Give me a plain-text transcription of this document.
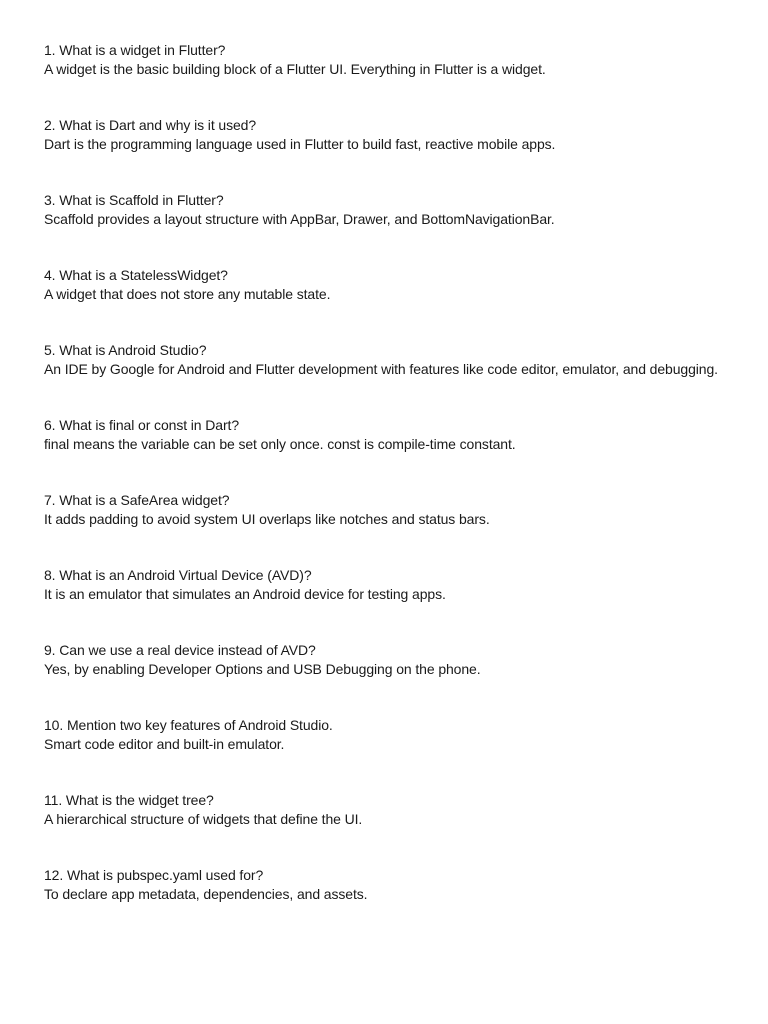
1. What is a widget in Flutter?
A widget is the basic building block of a Flutter UI. Everything in Flutter is a widget.
2. What is Dart and why is it used?
Dart is the programming language used in Flutter to build fast, reactive mobile apps.
3. What is Scaffold in Flutter?
Scaffold provides a layout structure with AppBar, Drawer, and BottomNavigationBar.
4. What is a StatelessWidget?
A widget that does not store any mutable state.
5. What is Android Studio?
An IDE by Google for Android and Flutter development with features like code editor, emulator, and debugging.
6. What is final or const in Dart?
final means the variable can be set only once. const is compile-time constant.
7. What is a SafeArea widget?
It adds padding to avoid system UI overlaps like notches and status bars.
8. What is an Android Virtual Device (AVD)?
It is an emulator that simulates an Android device for testing apps.
9. Can we use a real device instead of AVD?
Yes, by enabling Developer Options and USB Debugging on the phone.
10. Mention two key features of Android Studio.
Smart code editor and built-in emulator.
11. What is the widget tree?
A hierarchical structure of widgets that define the UI.
12. What is pubspec.yaml used for?
To declare app metadata, dependencies, and assets.
